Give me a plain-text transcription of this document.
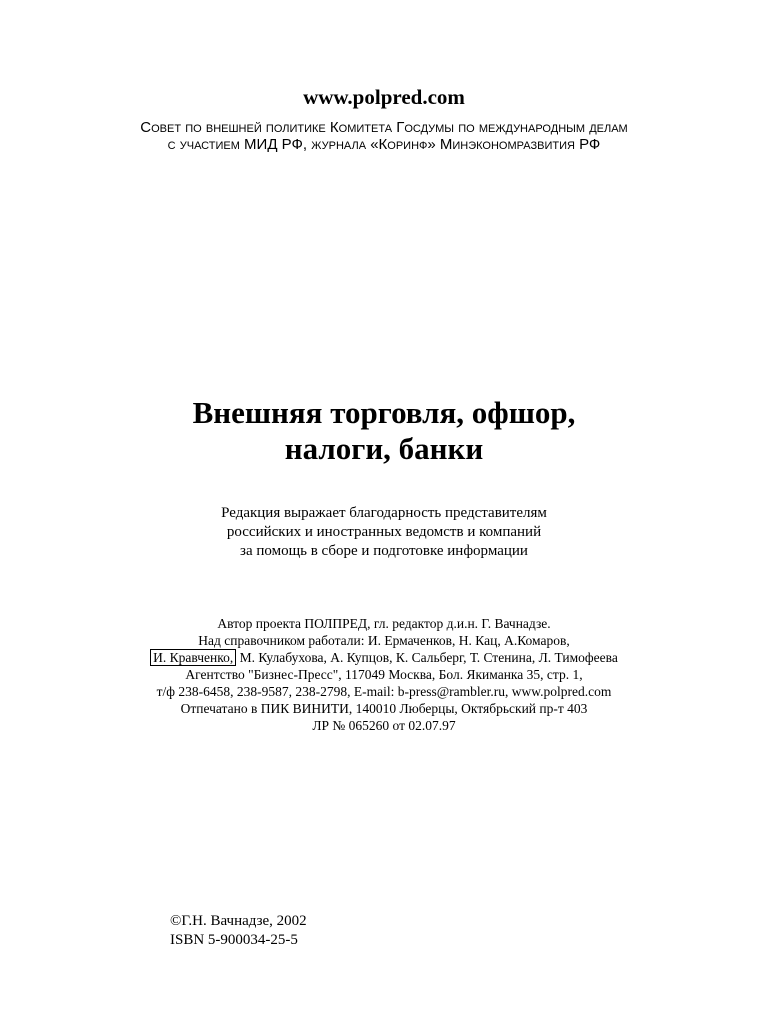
www.polpred.com
Совет по внешней политике Комитета Госдумы по международным делам
с участием МИД РФ, журнала «Коринф» Минэкономразвития РФ
Внешняя торговля, офшор,
налоги, банки
Редакция выражает благодарность представителям
российских и иностранных ведомств и компаний
за помощь в сборе и подготовке информации
Автор проекта ПОЛПРЕД, гл. редактор д.и.н. Г. Вачнадзе.
Над справочником работали: И. Ермаченков, Н. Кац, А.Комаров,
И. Кравченко, М. Кулабухова, А. Купцов, К. Сальберг, Т. Стенина, Л. Тимофеева
Агентство "Бизнес-Пресс", 117049 Москва, Бол. Якиманка 35, стр. 1,
т/ф 238-6458, 238-9587, 238-2798, E-mail: b-press@rambler.ru, www.polpred.com
Отпечатано в ПИК ВИНИТИ, 140010 Люберцы, Октябрьский пр-т 403
ЛР № 065260 от 02.07.97
©Г.Н. Вачнадзе, 2002
ISBN 5-900034-25-5
